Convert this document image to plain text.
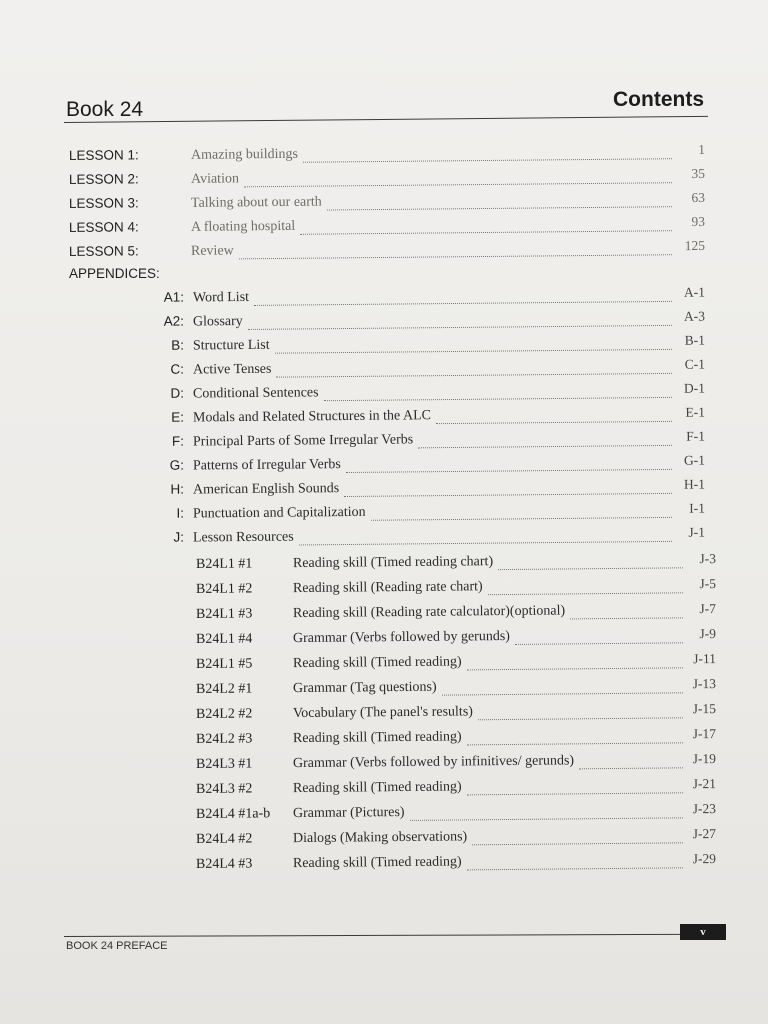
Book 24	Contents
LESSON 1:	Amazing buildings	1
LESSON 2:	Aviation	35
LESSON 3:	Talking about our earth	63
LESSON 4:	A floating hospital	93
LESSON 5:	Review	125
APPENDICES:
A1: Word List	A-1
A2: Glossary	A-3
B: Structure List	B-1
C: Active Tenses	C-1
D: Conditional Sentences	D-1
E: Modals and Related Structures in the ALC	E-1
F: Principal Parts of Some Irregular Verbs	F-1
G: Patterns of Irregular Verbs	G-1
H: American English Sounds	H-1
I: Punctuation and Capitalization	I-1
J: Lesson Resources	J-1
B24L1 #1	Reading skill (Timed reading chart)	J-3
B24L1 #2	Reading skill (Reading rate chart)	J-5
B24L1 #3	Reading skill (Reading rate calculator)(optional)	J-7
B24L1 #4	Grammar (Verbs followed by gerunds)	J-9
B24L1 #5	Reading skill (Timed reading)	J-11
B24L2 #1	Grammar (Tag questions)	J-13
B24L2 #2	Vocabulary (The panel's results)	J-15
B24L2 #3	Reading skill (Timed reading)	J-17
B24L3 #1	Grammar (Verbs followed by infinitives/ gerunds)	J-19
B24L3 #2	Reading skill (Timed reading)	J-21
B24L4 #1a-b	Grammar (Pictures)	J-23
B24L4 #2	Dialogs (Making observations)	J-27
B24L4 #3	Reading skill (Timed reading)	J-29
BOOK 24 PREFACE
v
